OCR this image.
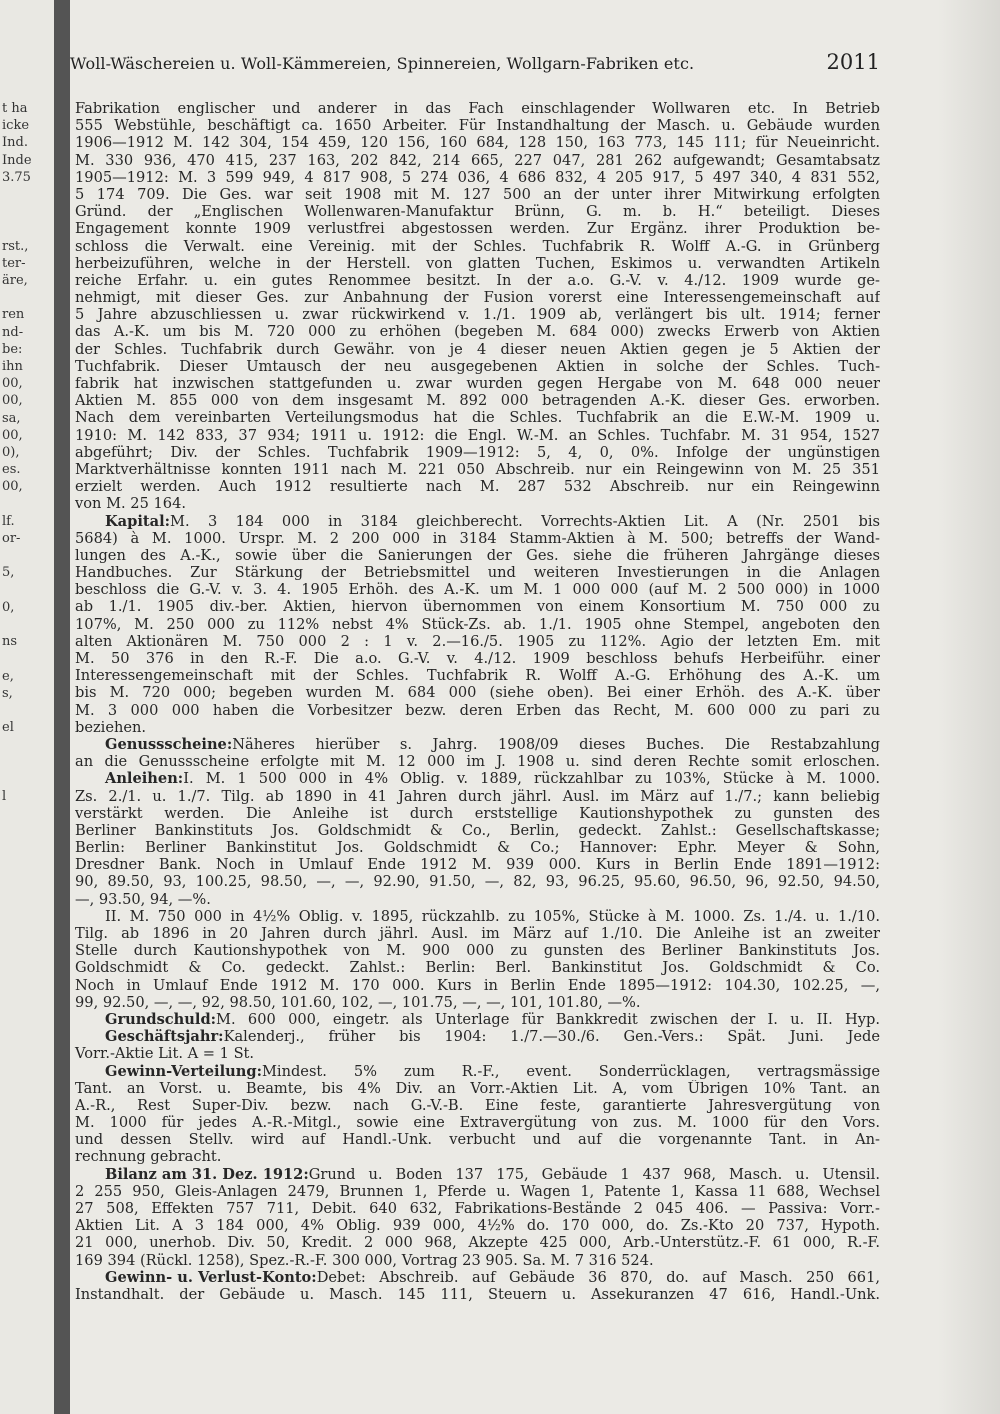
t ha
icke
Ind.
Inde
3.75
rst.,
ter-
äre,
ren
nd-
be:
ihn
00,
00,
sa,
00,
0),
es.
00,
lf.
or-
5,
0,
ns
e,
s,
el
l
Woll-Wäschereien u. Woll-Kämmereien, Spinnereien, Wollgarn-Fabriken etc.	2011
Fabrikation englischer und anderer in das Fach einschlagender Wollwaren etc. In Betrieb
555 Webstühle, beschäftigt ca. 1650 Arbeiter. Für Instandhaltung der Masch. u. Gebäude wurden
1906—1912 M. 142 304, 154 459, 120 156, 160 684, 128 150, 163 773, 145 111; für Neueinricht.
M. 330 936, 470 415, 237 163, 202 842, 214 665, 227 047, 281 262 aufgewandt; Gesamtabsatz
1905—1912: M. 3 599 949, 4 817 908, 5 274 036, 4 686 832, 4 205 917, 5 497 340, 4 831 552,
5 174 709. Die Ges. war seit 1908 mit M. 127 500 an der unter ihrer Mitwirkung erfolgten
Gründ. der „Englischen Wollenwaren-Manufaktur Brünn, G. m. b. H.“ beteiligt. Dieses
Engagement konnte 1909 verlustfrei abgestossen werden. Zur Ergänz. ihrer Produktion be-
schloss die Verwalt. eine Vereinig. mit der Schles. Tuchfabrik R. Wolff A.-G. in Grünberg
herbeizuführen, welche in der Herstell. von glatten Tuchen, Eskimos u. verwandten Artikeln
reiche Erfahr. u. ein gutes Renommee besitzt. In der a.o. G.-V. v. 4./12. 1909 wurde ge-
nehmigt, mit dieser Ges. zur Anbahnung der Fusion vorerst eine Interessengemeinschaft auf
5 Jahre abzuschliessen u. zwar rückwirkend v. 1./1. 1909 ab, verlängert bis ult. 1914; ferner
das A.-K. um bis M. 720 000 zu erhöhen (begeben M. 684 000) zwecks Erwerb von Aktien
der Schles. Tuchfabrik durch Gewähr. von je 4 dieser neuen Aktien gegen je 5 Aktien der
Tuchfabrik. Dieser Umtausch der neu ausgegebenen Aktien in solche der Schles. Tuch-
fabrik hat inzwischen stattgefunden u. zwar wurden gegen Hergabe von M. 648 000 neuer
Aktien M. 855 000 von dem insgesamt M. 892 000 betragenden A.-K. dieser Ges. erworben.
Nach dem vereinbarten Verteilungsmodus hat die Schles. Tuchfabrik an die E.W.-M. 1909 u.
1910: M. 142 833, 37 934; 1911 u. 1912: die Engl. W.-M. an Schles. Tuchfabr. M. 31 954, 1527
abgeführt; Div. der Schles. Tuchfabrik 1909—1912: 5, 4, 0, 0%. Infolge der ungünstigen
Marktverhältnisse konnten 1911 nach M. 221 050 Abschreib. nur ein Reingewinn von M. 25 351
erzielt werden. Auch 1912 resultierte nach M. 287 532 Abschreib. nur ein Reingewinn
von M. 25 164.
Kapital: M. 3 184 000 in 3184 gleichberecht. Vorrechts-Aktien Lit. A (Nr. 2501 bis
5684) à M. 1000. Urspr. M. 2 200 000 in 3184 Stamm-Aktien à M. 500; betreffs der Wand-
lungen des A.-K., sowie über die Sanierungen der Ges. siehe die früheren Jahrgänge dieses
Handbuches. Zur Stärkung der Betriebsmittel und weiteren Investierungen in die Anlagen
beschloss die G.-V. v. 3. 4. 1905 Erhöh. des A.-K. um M. 1 000 000 (auf M. 2 500 000) in 1000
ab 1./1. 1905 div.-ber. Aktien, hiervon übernommen von einem Konsortium M. 750 000 zu
107%, M. 250 000 zu 112% nebst 4% Stück-Zs. ab. 1./1. 1905 ohne Stempel, angeboten den
alten Aktionären M. 750 000 2 : 1 v. 2.—16./5. 1905 zu 112%. Agio der letzten Em. mit
M. 50 376 in den R.-F. Die a.o. G.-V. v. 4./12. 1909 beschloss behufs Herbeiführ. einer
Interessengemeinschaft mit der Schles. Tuchfabrik R. Wolff A.-G. Erhöhung des A.-K. um
bis M. 720 000; begeben wurden M. 684 000 (siehe oben). Bei einer Erhöh. des A.-K. über
M. 3 000 000 haben die Vorbesitzer bezw. deren Erben das Recht, M. 600 000 zu pari zu
beziehen.
Genussscheine: Näheres hierüber s. Jahrg. 1908/09 dieses Buches. Die Restabzahlung
an die Genussscheine erfolgte mit M. 12 000 im J. 1908 u. sind deren Rechte somit erloschen.
Anleihen: I. M. 1 500 000 in 4% Oblig. v. 1889, rückzahlbar zu 103%, Stücke à M. 1000.
Zs. 2./1. u. 1./7. Tilg. ab 1890 in 41 Jahren durch jährl. Ausl. im März auf 1./7.; kann beliebig
verstärkt werden. Die Anleihe ist durch erststellige Kautionshypothek zu gunsten des
Berliner Bankinstituts Jos. Goldschmidt & Co., Berlin, gedeckt. Zahlst.: Gesellschaftskasse;
Berlin: Berliner Bankinstitut Jos. Goldschmidt & Co.; Hannover: Ephr. Meyer & Sohn,
Dresdner Bank. Noch in Umlauf Ende 1912 M. 939 000. Kurs in Berlin Ende 1891—1912:
90, 89.50, 93, 100.25, 98.50, —, —, 92.90, 91.50, —, 82, 93, 96.25, 95.60, 96.50, 96, 92.50, 94.50,
—, 93.50, 94, —%.
II. M. 750 000 in 4½% Oblig. v. 1895, rückzahlb. zu 105%, Stücke à M. 1000. Zs. 1./4. u. 1./10.
Tilg. ab 1896 in 20 Jahren durch jährl. Ausl. im März auf 1./10. Die Anleihe ist an zweiter
Stelle durch Kautionshypothek von M. 900 000 zu gunsten des Berliner Bankinstituts Jos.
Goldschmidt & Co. gedeckt. Zahlst.: Berlin: Berl. Bankinstitut Jos. Goldschmidt & Co.
Noch in Umlauf Ende 1912 M. 170 000. Kurs in Berlin Ende 1895—1912: 104.30, 102.25, —,
99, 92.50, —, —, 92, 98.50, 101.60, 102, —, 101.75, —, —, 101, 101.80, —%.
Grundschuld: M. 600 000, eingetr. als Unterlage für Bankkredit zwischen der I. u. II. Hyp.
Geschäftsjahr: Kalenderj., früher bis 1904: 1./7.—30./6. Gen.-Vers.: Spät. Juni. Jede
Vorr.-Aktie Lit. A = 1 St.
Gewinn-Verteilung: Mindest. 5% zum R.-F., event. Sonderrücklagen, vertragsmässige
Tant. an Vorst. u. Beamte, bis 4% Div. an Vorr.-Aktien Lit. A, vom Übrigen 10% Tant. an
A.-R., Rest Super-Div. bezw. nach G.-V.-B. Eine feste, garantierte Jahresvergütung von
M. 1000 für jedes A.-R.-Mitgl., sowie eine Extravergütung von zus. M. 1000 für den Vors.
und dessen Stellv. wird auf Handl.-Unk. verbucht und auf die vorgenannte Tant. in An-
rechnung gebracht.
Bilanz am 31. Dez. 1912: Grund u. Boden 137 175, Gebäude 1 437 968, Masch. u. Utensil.
2 255 950, Gleis-Anlagen 2479, Brunnen 1, Pferde u. Wagen 1, Patente 1, Kassa 11 688, Wechsel
27 508, Effekten 757 711, Debit. 640 632, Fabrikations-Bestände 2 045 406. — Passiva: Vorr.-
Aktien Lit. A 3 184 000, 4% Oblig. 939 000, 4½% do. 170 000, do. Zs.-Kto 20 737, Hypoth.
21 000, unerhob. Div. 50, Kredit. 2 000 968, Akzepte 425 000, Arb.-Unterstütz.-F. 61 000, R.-F.
169 394 (Rückl. 1258), Spez.-R.-F. 300 000, Vortrag 23 905. Sa. M. 7 316 524.
Gewinn- u. Verlust-Konto: Debet: Abschreib. auf Gebäude 36 870, do. auf Masch. 250 661,
Instandhalt. der Gebäude u. Masch. 145 111, Steuern u. Assekuranzen 47 616, Handl.-Unk.
